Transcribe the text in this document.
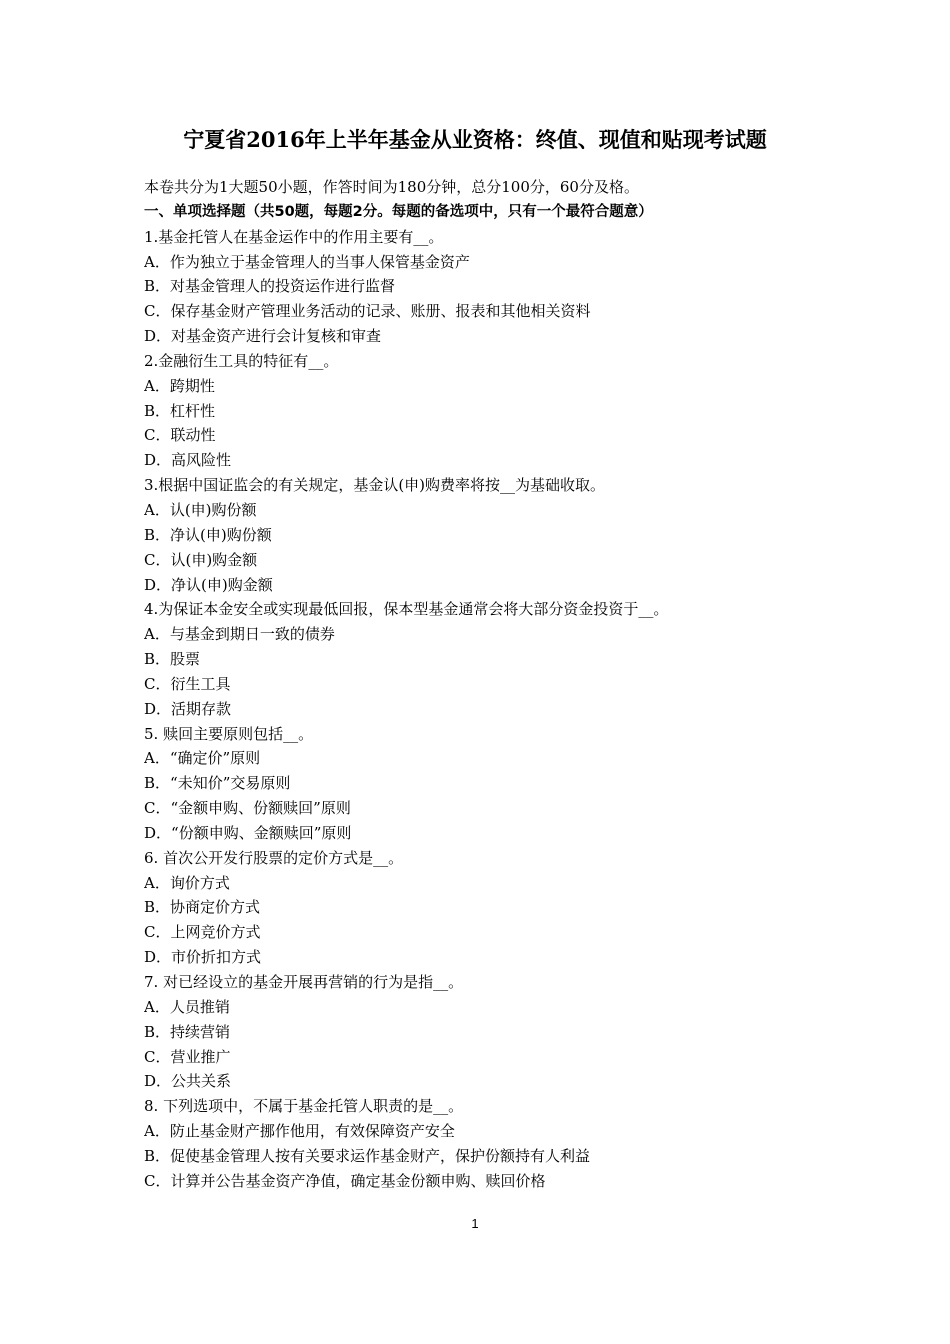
宁夏省2016年上半年基金从业资格：终值、现值和贴现考试题
本卷共分为1大题50小题，作答时间为180分钟，总分100分，60分及格。
一、单项选择题（共50题，每题2分。每题的备选项中，只有一个最符合题意）
1.基金托管人在基金运作中的作用主要有__。
A．作为独立于基金管理人的当事人保管基金资产
B．对基金管理人的投资运作进行监督
C．保存基金财产管理业务活动的记录、账册、报表和其他相关资料
D．对基金资产进行会计复核和审查
2.金融衍生工具的特征有__。
A．跨期性
B．杠杆性
C．联动性
D．高风险性
3.根据中国证监会的有关规定，基金认(申)购费率将按__为基础收取。
A．认(申)购份额
B．净认(申)购份额
C．认(申)购金额
D．净认(申)购金额
4.为保证本金安全或实现最低回报，保本型基金通常会将大部分资金投资于__。
A．与基金到期日一致的债券
B．股票
C．衍生工具
D．活期存款
5. 赎回主要原则包括__。
A．“确定价”原则
B．“未知价”交易原则
C．“金额申购、份额赎回”原则
D．“份额申购、金额赎回”原则
6. 首次公开发行股票的定价方式是__。
A．询价方式
B．协商定价方式
C．上网竞价方式
D．市价折扣方式
7. 对已经设立的基金开展再营销的行为是指__。
A．人员推销
B．持续营销
C．营业推广
D．公共关系
8. 下列选项中，不属于基金托管人职责的是__。
A．防止基金财产挪作他用，有效保障资产安全
B．促使基金管理人按有关要求运作基金财产，保护份额持有人利益
C．计算并公告基金资产净值，确定基金份额申购、赎回价格
1
